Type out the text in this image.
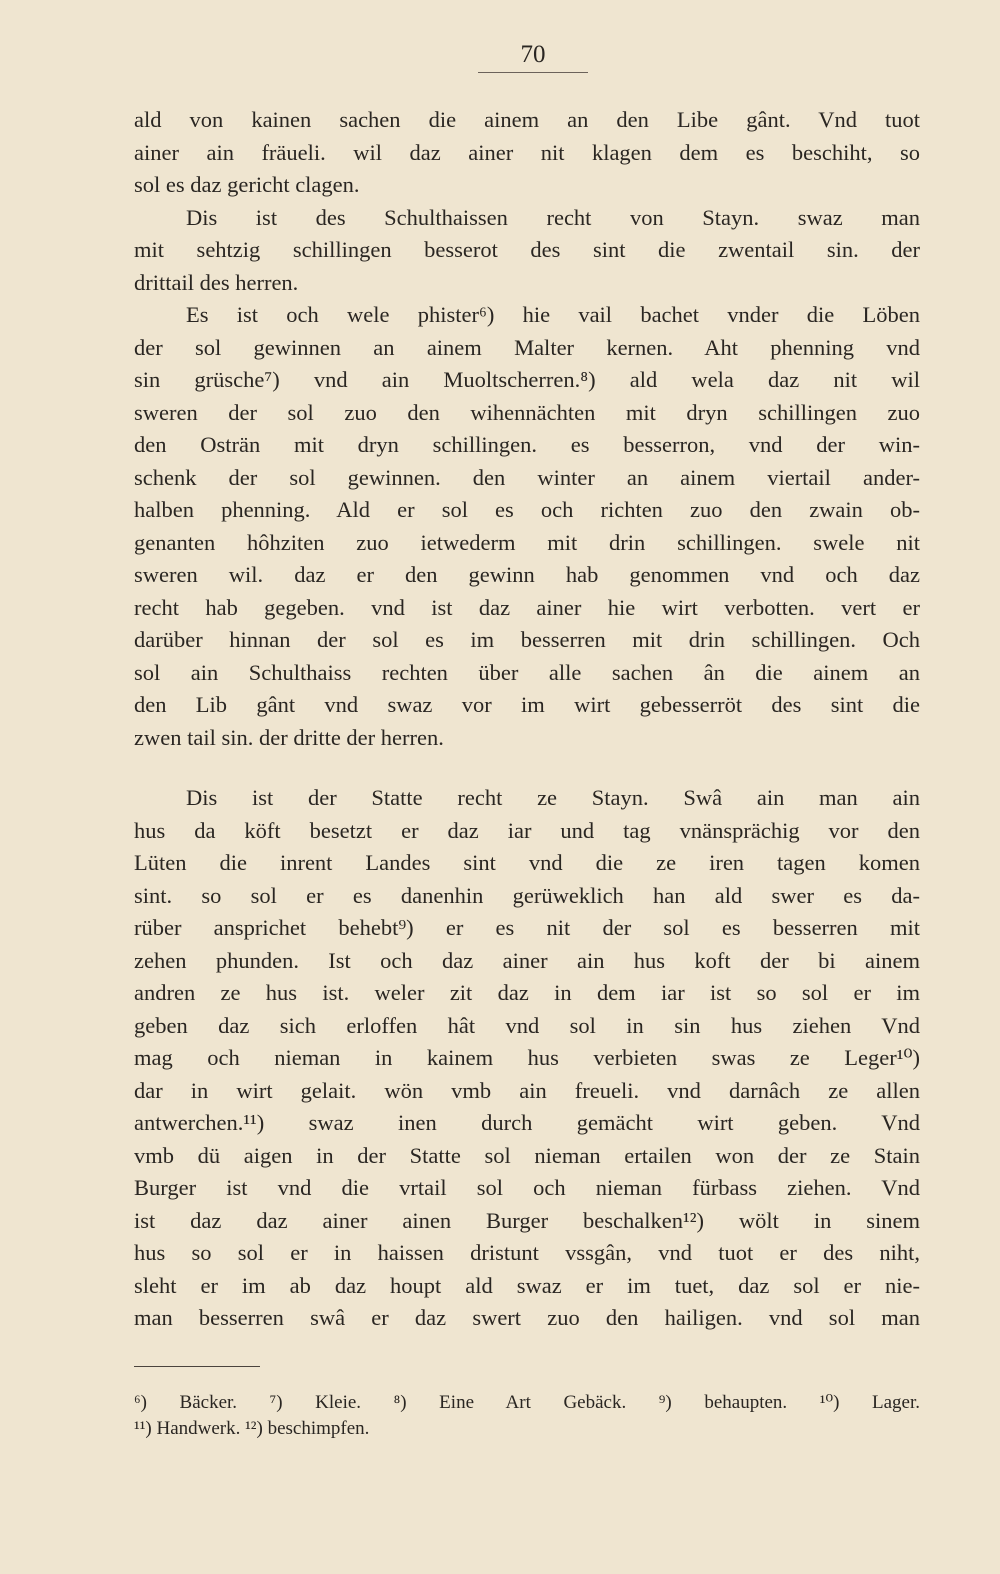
70
ald von kainen sachen die ainem an den Libe gânt. Vnd tuot
ainer ain fräueli. wil daz ainer nit klagen dem es beschiht, so
sol es daz gericht clagen.
Dis ist des Schulthaissen recht von Stayn. swaz man
mit sehtzig schillingen besserot des sint die zwentail sin. der
drittail des herren.
Es ist och wele phister⁶) hie vail bachet vnder die Löben
der sol gewinnen an ainem Malter kernen. Aht phenning vnd
sin grüsche⁷) vnd ain Muoltscherren.⁸) ald wela daz nit wil
sweren der sol zuo den wihennächten mit dryn schillingen zuo
den Osträn mit dryn schillingen. es besserron, vnd der win-
schenk der sol gewinnen. den winter an ainem viertail ander-
halben phenning. Ald er sol es och richten zuo den zwain ob-
genanten hôhziten zuo ietwederm mit drin schillingen. swele nit
sweren wil. daz er den gewinn hab genommen vnd och daz
recht hab gegeben. vnd ist daz ainer hie wirt verbotten. vert er
darüber hinnan der sol es im besserren mit drin schillingen. Och
sol ain Schulthaiss rechten über alle sachen ân die ainem an
den Lib gânt vnd swaz vor im wirt gebesserröt des sint die
zwen tail sin. der dritte der herren.
Dis ist der Statte recht ze Stayn. Swâ ain man ain
hus da köft besetzt er daz iar und tag vnänsprächig vor den
Lüten die inrent Landes sint vnd die ze iren tagen komen
sint. so sol er es danenhin gerüweklich han ald swer es da-
rüber ansprichet behebt⁹) er es nit der sol es besserren mit
zehen phunden. Ist och daz ainer ain hus koft der bi ainem
andren ze hus ist. weler zit daz in dem iar ist so sol er im
geben daz sich erloffen hât vnd sol in sin hus ziehen Vnd
mag och nieman in kainem hus verbieten swas ze Leger¹⁰)
dar in wirt gelait. wön vmb ain freueli. vnd darnâch ze allen
antwerchen.¹¹) swaz inen durch gemächt wirt geben. Vnd
vmb dü aigen in der Statte sol nieman ertailen won der ze Stain
Burger ist vnd die vrtail sol och nieman fürbass ziehen. Vnd
ist daz daz ainer ainen Burger beschalken¹²) wölt in sinem
hus so sol er in haissen dristunt vssgân, vnd tuot er des niht,
sleht er im ab daz houpt ald swaz er im tuet, daz sol er nie-
man besserren swâ er daz swert zuo den hailigen. vnd sol man
⁶) Bäcker. ⁷) Kleie. ⁸) Eine Art Gebäck. ⁹) behaupten. ¹⁰) Lager.
¹¹) Handwerk. ¹²) beschimpfen.
